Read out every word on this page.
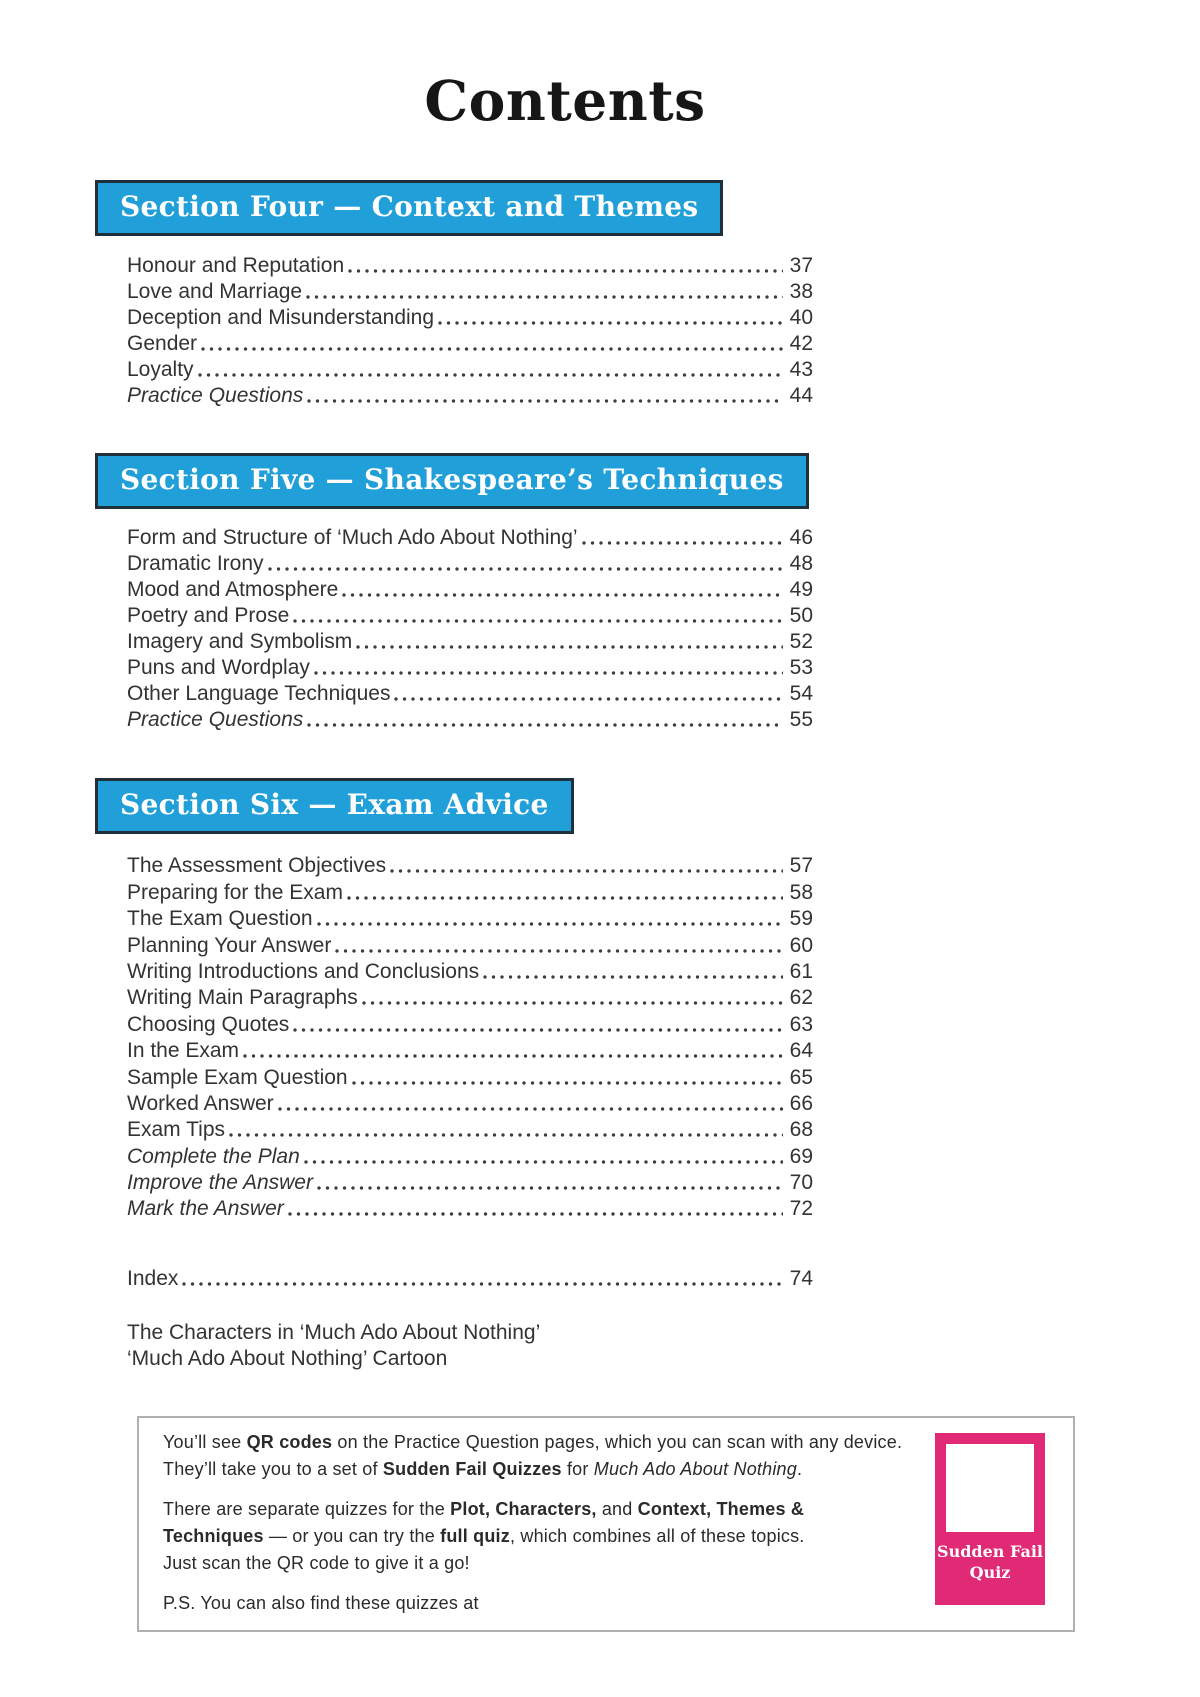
Contents
Section Four — Context and Themes
Honour and Reputation	37
Love and Marriage	38
Deception and Misunderstanding	40
Gender	42
Loyalty	43
Practice Questions	44
Section Five — Shakespeare’s Techniques
Form and Structure of ‘Much Ado About Nothing’	46
Dramatic Irony	48
Mood and Atmosphere	49
Poetry and Prose	50
Imagery and Symbolism	52
Puns and Wordplay	53
Other Language Techniques	54
Practice Questions	55
Section Six — Exam Advice
The Assessment Objectives	57
Preparing for the Exam	58
The Exam Question	59
Planning Your Answer	60
Writing Introductions and Conclusions	61
Writing Main Paragraphs	62
Choosing Quotes	63
In the Exam	64
Sample Exam Question	65
Worked Answer	66
Exam Tips	68
Complete the Plan	69
Improve the Answer	70
Mark the Answer	72
Index	74
The Characters in ‘Much Ado About Nothing’
‘Much Ado About Nothing’ Cartoon

You’ll see QR codes on the Practice Question pages, which you can scan with any device.
They’ll take you to a set of Sudden Fail Quizzes for Much Ado About Nothing.

There are separate quizzes for the Plot, Characters, and Context, Themes &
Techniques — or you can try the full quiz, which combines all of these topics.
Just scan the QR code to give it a go!

P.S. You can also find these quizzes at

Sudden Fail
Quiz
